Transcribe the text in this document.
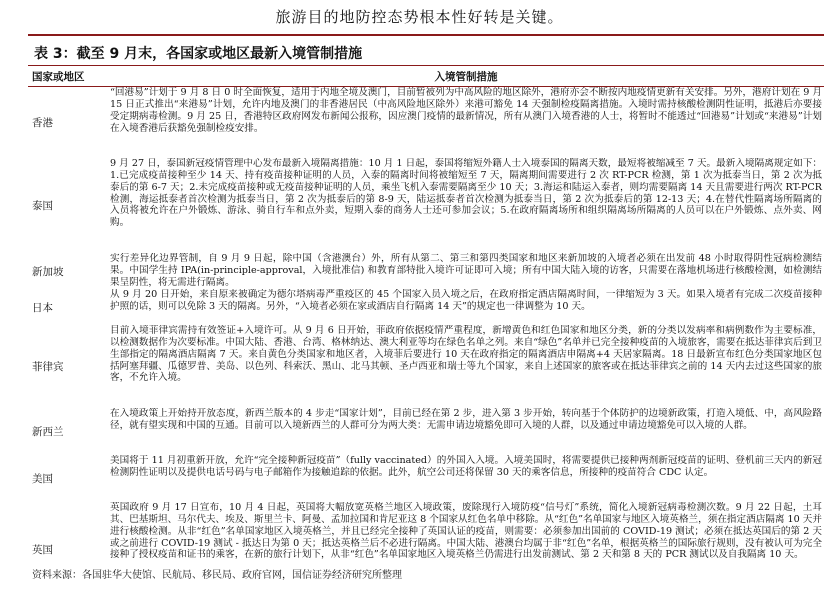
旅游目的地防控态势根本性好转是关键。
表 3：截至 9 月末，各国家或地区最新入境管制措施
国家或地区	入境管制措施
香港
“回港易”计划于 9 月 8 日 0 时全面恢复，适用于内地全境及澳门，目前暂被列为中高风险的地区除外，港府亦会不断按内地疫情更新有关安排。另外，港府计划在 9 月 15 日正式推出“来港易”计划，允许内地及澳门的非香港居民（中高风险地区除外）来港可豁免 14 天强制检疫隔离措施。入境时需持核酸检测阴性证明，抵港后亦要接受定期病毒检测。9 月 25 日，香港特区政府网发布新闻公报称，因应澳门疫情的最新情况，所有从澳门入境香港的人士，将暂时不能透过“回港易”计划或“来港易”计划在入境香港后获豁免强制检疫安排。
泰国
9 月 27 日，泰国新冠疫情管理中心发布最新入境隔离措施：10 月 1 日起，泰国将缩短外籍人士入境泰国的隔离天数，最短将被缩减至 7 天。最新入境隔离规定如下：1.已完成疫苗接种至少 14 天、持有疫苗接种证明的人员，入泰的隔离时间将被缩短至 7 天，隔离期间需要进行 2 次 RT-PCR 检测，第 1 次为抵泰当日，第 2 次为抵泰后的第 6-7 天；2.未完成疫苗接种或无疫苗接种证明的人员，乘坐飞机入泰需要隔离至少 10 天；3.海运和陆运入泰者，则均需要隔离 14 天且需要进行两次 RT-PCR 检测，海运抵泰者首次检测为抵泰当日，第 2 次为抵泰后的第 8-9 天，陆运抵泰者首次检测为抵泰当日，第 2 次为抵泰后的第 12-13 天；4.在替代性隔离场所隔离的入员将被允许在户外锻炼、游泳、骑自行车和点外卖，短期入泰的商务人士还可参加会议；5.在政府隔离场所和组织隔离场所隔离的人员可以在户外锻炼、点外卖、网购。
新加坡
实行差异化边界管制，自 9 月 9 日起，除中国（含港澳台）外，所有从第二、第三和第四类国家和地区来新加坡的入境者必须在出发前 48 小时取得阴性冠病检测结果。中国学生持 IPA(in-principle-approval，入境批准信) 和教育部特批入境许可证即可入境；所有中国大陆入境的访客，只需要在落地机场进行核酸检测，如检测结果呈阴性，将无需进行隔离。
日本
从 9 月 20 日开始，来自原来被确定为德尔塔病毒严重疫区的 45 个国家入员入境之后，在政府指定酒店隔离时间，一律缩短为 3 天。如果入境者有完成二次疫苗接种护照的话，则可以免除 3 天的隔离。另外，“入境者必须在家或酒店自行隔离 14 天”的规定也一律调整为 10 天。
菲律宾
目前入境菲律宾需持有效签证+入境许可。从 9 月 6 日开始，菲政府依据疫情严重程度，新增黄色和红色国家和地区分类，新的分类以发病率和病例数作为主要标准，以检测数据作为次要标准。中国大陆、香港、台湾、格林纳达、澳大利亚等均在绿色名单之列。来自“绿色”名单并已完全接种疫苗的入境旅客，需要在抵达菲律宾后到卫生部指定的隔离酒店隔离 7 天。来自黄色分类国家和地区者，入境菲后要进行 10 天在政府指定的隔离酒店申隔离+4 天居家隔离。18 日最新宣布红色分类国家地区包括阿塞拜疆、瓜德罗普、美岛、以色列、科索沃、黑山、北马其顿、圣卢西亚和瑞士等九个国家，来自上述国家的旅客或在抵达菲律宾之前的 14 天内去过这些国家的旅客，不允许入境。
新西兰
在入境政策上开始持开放态度，新西兰版本的 4 步走“国家计划”，目前已经在第 2 步，进入第 3 步开始，转向基于个体防护的边境新政策，打造入境低、中，高风险路径，就有望实现和中国的互通。目前可以入境新西兰的人群可分为两大类：无需申请边境豁免即可入境的人群，以及通过申请边境豁免可以入境的人群。
美国
美国将于 11 月初重新开放，允许“完全接种新冠疫苗”（fully vaccinated）的外国入入境。入境美国时，将需要提供已接种两剂新冠疫苗的证明、登机前三天内的新冠检测阴性证明以及提供电话号码与电子邮箱作为接触追踪的依据。此外，航空公司还将保留 30 天的乘客信息，所接种的疫苗符合 CDC 认定。
英国
英国政府 9 月 17 日宣布，10 月 4 日起，英国将大幅放宽英格兰地区入境政策，废除现行入境防疫“信号灯”系统，简化入境新冠病毒检测次数。9 月 22 日起，土耳其、巴基斯坦、马尔代夫、埃及、斯里兰卡、阿曼、孟加拉国和肯尼亚这 8 个国家从红色名单中移除。从“红色”名单国家与地区入境英格兰，须在指定酒店隔离 10 天并进行核酸检测。从非“红色”名单国家地区入境英格兰，并且已经完全接种了英国认证的疫苗，则需要：必须参加出国前的 COVID-19 测试；必须在抵达英国后的第 2 天或之前进行 COVID-19 测试 - 抵达日为第 0 天；抵达英格兰后不必进行隔离。中国大陆、港澳台均属于非“红色”名单，根据英格兰的国际旅行规则，没有被认可为完全接种了授权疫苗和证书的乘客，在新的旅行计划下，从非“红色”名单国家地区入境英格兰仍需进行出发前测试、第 2 天和第 8 天的 PCR 测试以及自我隔离 10 天。
资料来源：各国驻华大使馆、民航局、移民局、政府官网，国信证券经济研究所整理
